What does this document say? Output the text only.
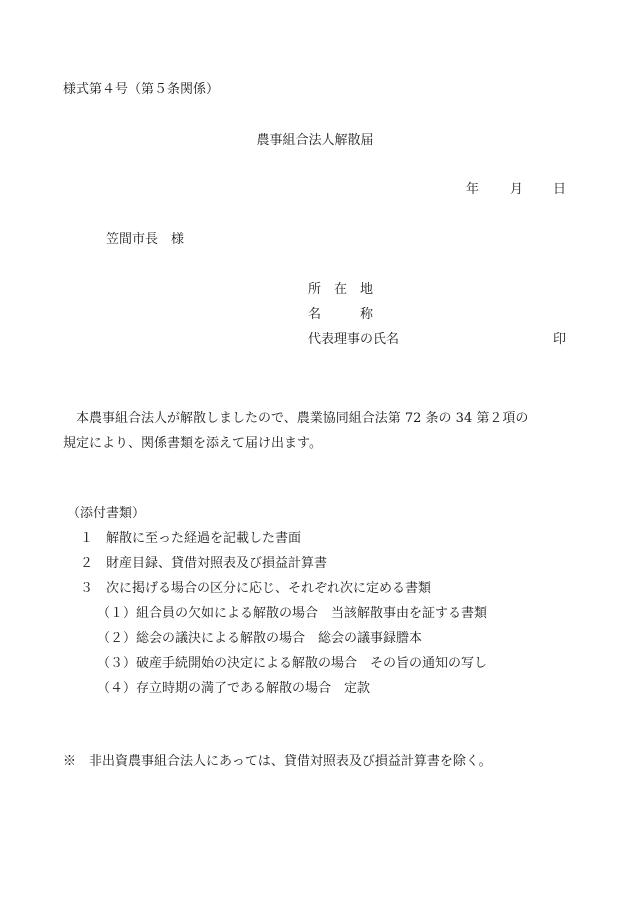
様式第４号（第５条関係）
農事組合法人解散届
年 月 日
笠間市長　様
所　在　地
名　　　称
代表理事の氏名	印

本農事組合法人が解散しましたので、農業協同組合法第 72 条の 34 第２項の

規定により、関係書類を添えて届け出ます。

（添付書類）
１　解散に至った経過を記載した書面
２　財産目録、貸借対照表及び損益計算書
３　次に掲げる場合の区分に応じ、それぞれ次に定める書類
（１）組合員の欠如による解散の場合　当該解散事由を証する書類
（２）総会の議決による解散の場合　総会の議事録謄本
（３）破産手続開始の決定による解散の場合　その旨の通知の写し
（４）存立時期の満了である解散の場合　定款
※　非出資農事組合法人にあっては、貸借対照表及び損益計算書を除く。
